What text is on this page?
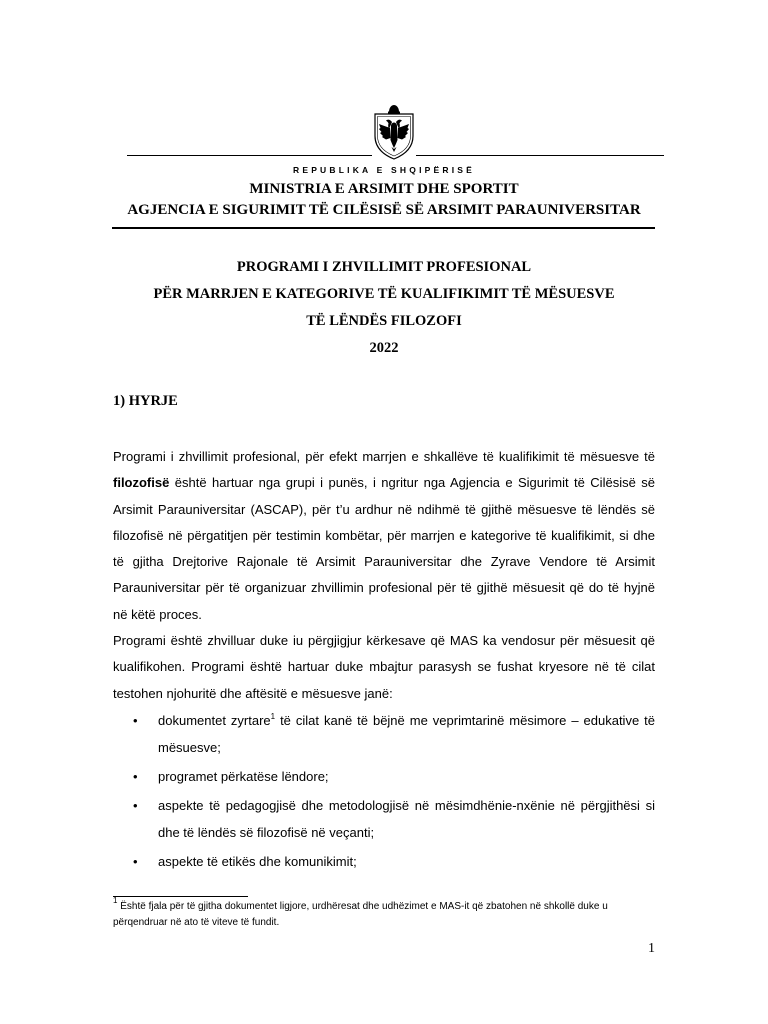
REPUBLIKA E SHQIPËRISË
MINISTRIA E ARSIMIT DHE SPORTIT
AGJENCIA E SIGURIMIT TË CILËSISË SË ARSIMIT PARAUNIVERSITAR
PROGRAMI I ZHVILLIMIT PROFESIONAL
PËR MARRJEN E KATEGORIVE TË KUALIFIKIMIT TË MËSUESVE
TË LËNDËS FILOZOFI
2022
1) HYRJE

Programi i zhvillimit profesional, për efekt marrjen e shkallëve të kualifikimit të mësuesve të filozofisë është hartuar nga grupi i punës, i ngritur nga Agjencia e Sigurimit të Cilësisë së Arsimit Parauniversitar (ASCAP), për t’u ardhur në ndihmë të gjithë mësuesve të lëndës së filozofisë në përgatitjen për testimin kombëtar, për marrjen e kategorive të kualifikimit, si dhe të gjitha Drejtorive Rajonale të Arsimit Parauniversitar dhe Zyrave Vendore të Arsimit Parauniversitar për të organizuar zhvillimin profesional për të gjithë mësuesit që do të hyjnë në këtë proces.

Programi është zhvilluar duke iu përgjigjur kërkesave që MAS ka vendosur për mësuesit që kualifikohen. Programi është hartuar duke mbajtur parasysh se fushat kryesore në të cilat testohen njohuritë dhe aftësitë e mësuesve janë:

• dokumentet zyrtare$^1$ të cilat kanë të bëjnë me veprimtarinë mësimore – edukative të mësuesve;
• programet përkatëse lëndore;
• aspekte të pedagogjisë dhe metodologjisë në mësimdhënie-nxënie në përgjithësi si dhe të lëndës së filozofisë në veçanti;
• aspekte të etikës dhe komunikimit;
$^1$ Është fjala për të gjitha dokumentet ligjore, urdhëresat dhe udhëzimet e MAS-it që zbatohen në shkollë duke u përqendruar në ato të viteve të fundit.
1
